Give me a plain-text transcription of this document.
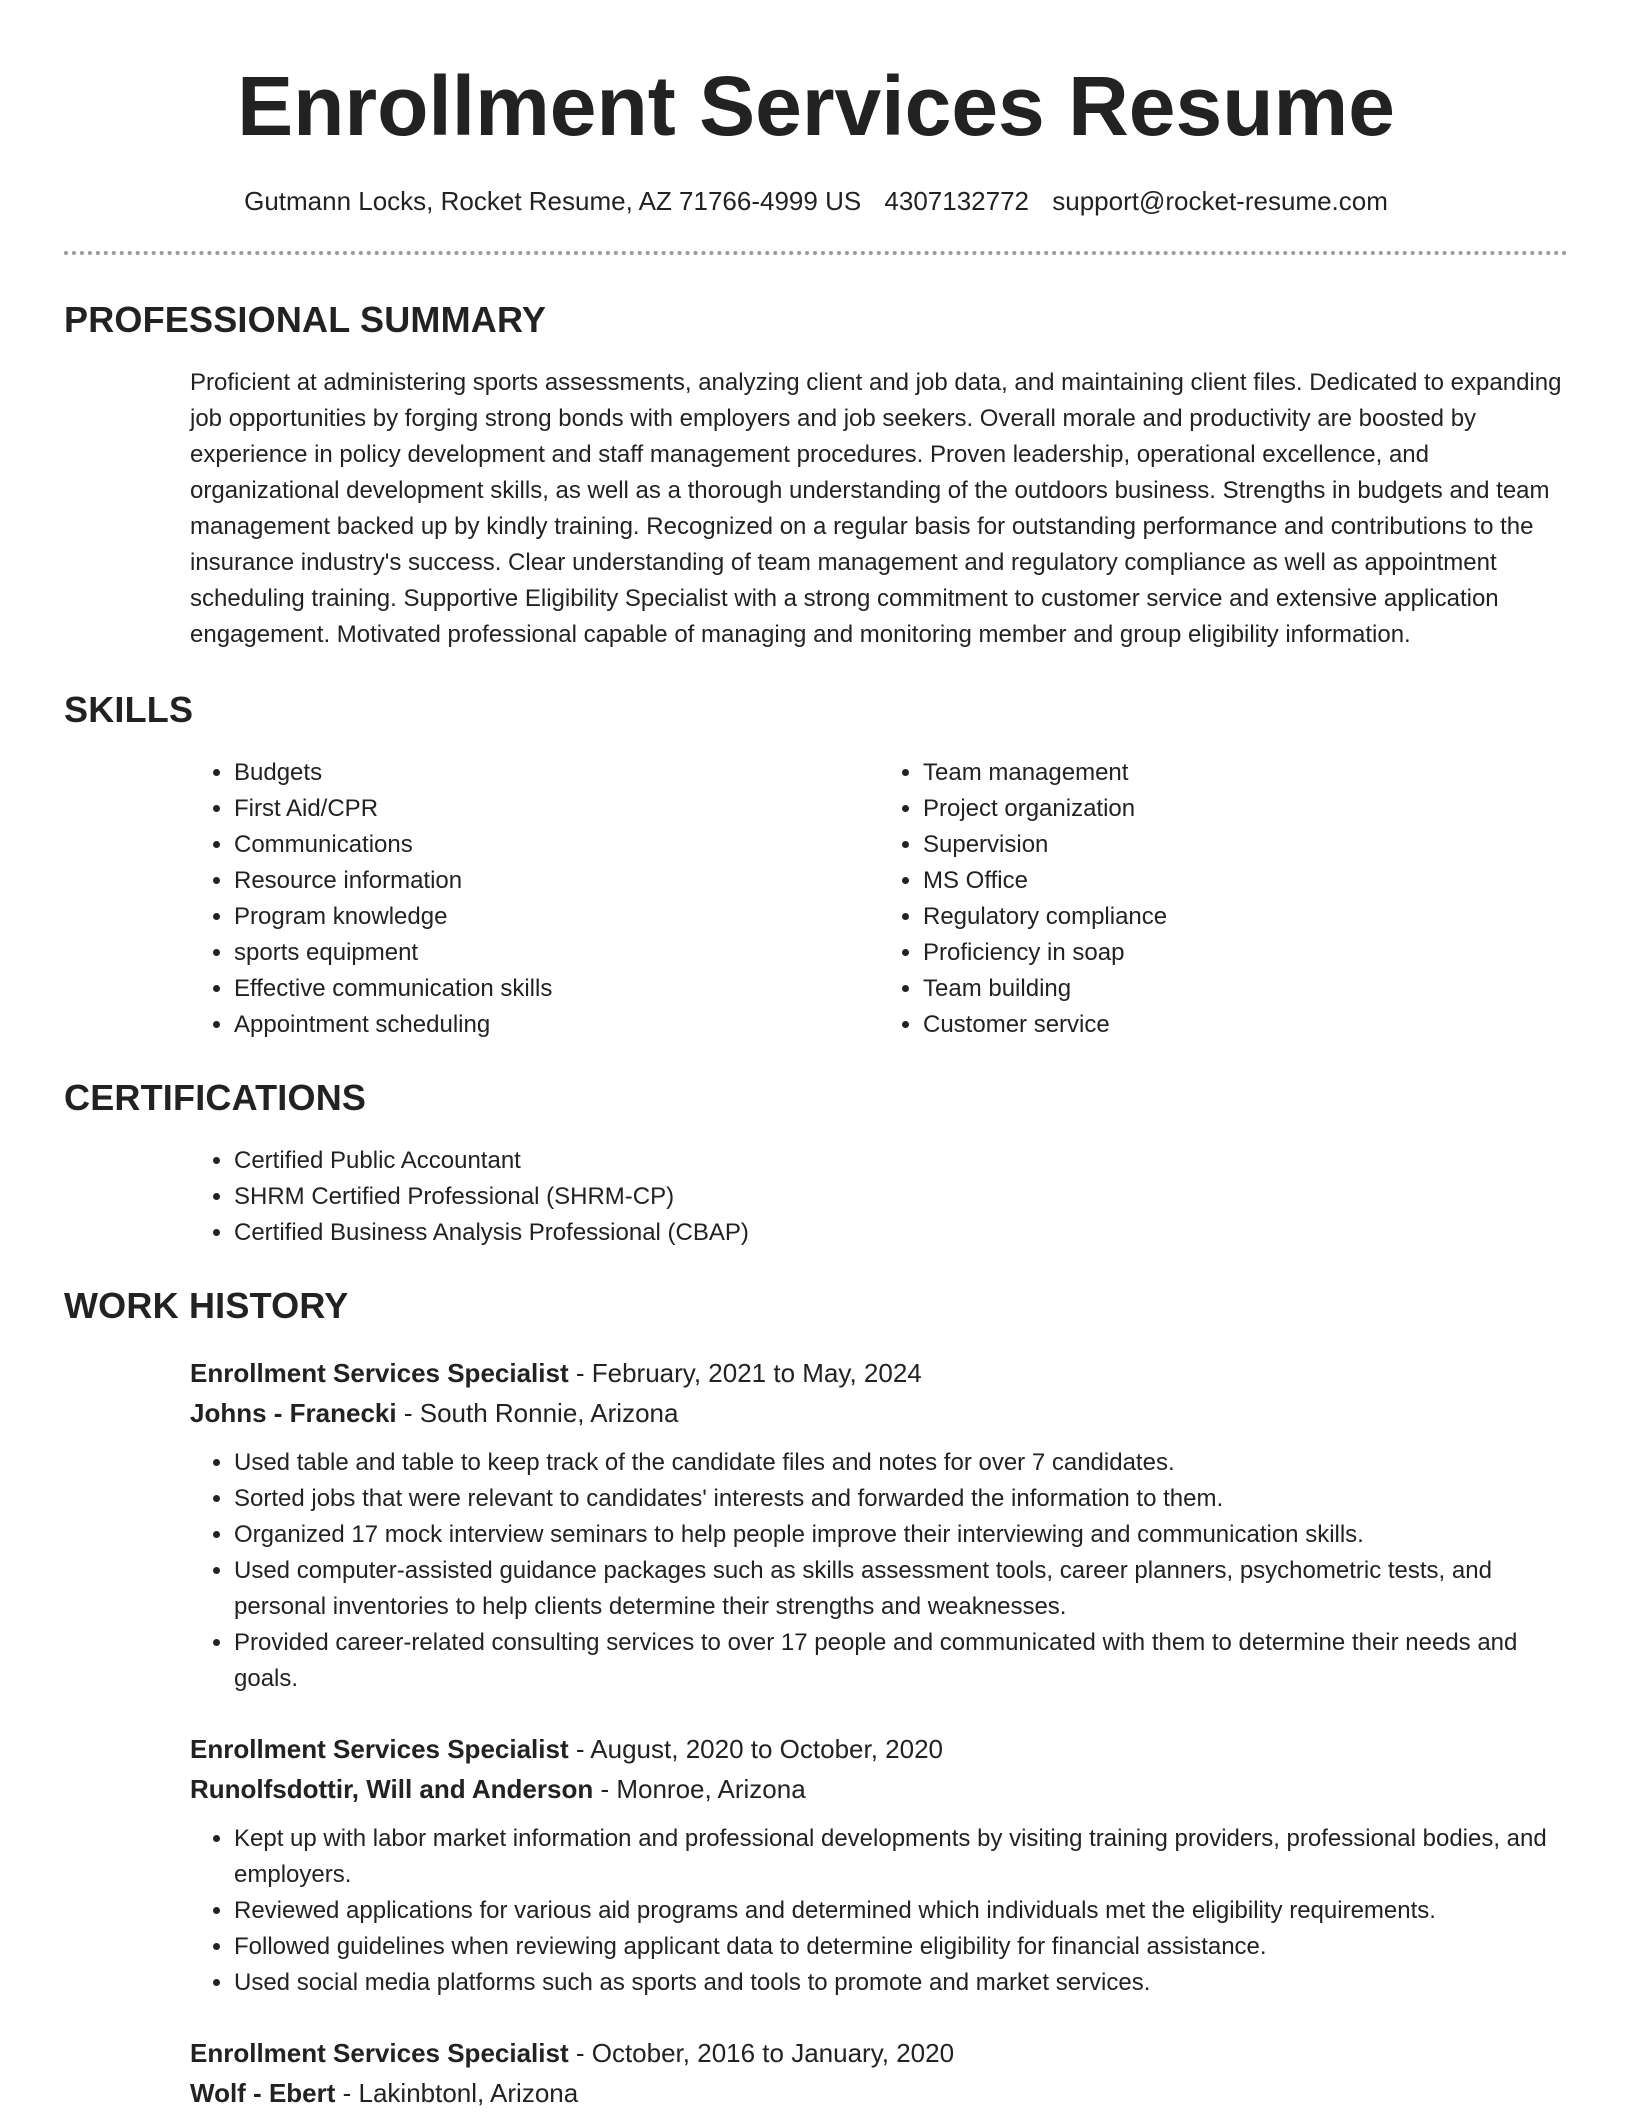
Enrollment Services Resume
Gutmann Locks, Rocket Resume, AZ 71766-4999 US 4307132772 support@rocket-resume.com
PROFESSIONAL SUMMARY

Proficient at administering sports assessments, analyzing client and job data, and maintaining client files. Dedicated to expanding job opportunities by forging strong bonds with employers and job seekers. Overall morale and productivity are boosted by experience in policy development and staff management procedures. Proven leadership, operational excellence, and organizational development skills, as well as a thorough understanding of the outdoors business. Strengths in budgets and team management backed up by kindly training. Recognized on a regular basis for outstanding performance and contributions to the insurance industry's success. Clear understanding of team management and regulatory compliance as well as appointment scheduling training. Supportive Eligibility Specialist with a strong commitment to customer service and extensive application engagement. Motivated professional capable of managing and monitoring member and group eligibility information.

SKILLS
• Budgets
• First Aid/CPR
• Communications
• Resource information
• Program knowledge
• sports equipment
• Effective communication skills
• Appointment scheduling
• Team management
• Project organization
• Supervision
• MS Office
• Regulatory compliance
• Proficiency in soap
• Team building
• Customer service
CERTIFICATIONS
• Certified Public Accountant
• SHRM Certified Professional (SHRM-CP)
• Certified Business Analysis Professional (CBAP)
WORK HISTORY
Enrollment Services Specialist - February, 2021 to May, 2024
Johns - Franecki - South Ronnie, Arizona
• Used table and table to keep track of the candidate files and notes for over 7 candidates.
• Sorted jobs that were relevant to candidates' interests and forwarded the information to them.
• Organized 17 mock interview seminars to help people improve their interviewing and communication skills.
• Used computer-assisted guidance packages such as skills assessment tools, career planners, psychometric tests, and personal inventories to help clients determine their strengths and weaknesses.
• Provided career-related consulting services to over 17 people and communicated with them to determine their needs and goals.
Enrollment Services Specialist - August, 2020 to October, 2020
Runolfsdottir, Will and Anderson - Monroe, Arizona
• Kept up with labor market information and professional developments by visiting training providers, professional bodies, and employers.
• Reviewed applications for various aid programs and determined which individuals met the eligibility requirements.
• Followed guidelines when reviewing applicant data to determine eligibility for financial assistance.
• Used social media platforms such as sports and tools to promote and market services.
Enrollment Services Specialist - October, 2016 to January, 2020
Wolf - Ebert - Lakinbtonl, Arizona
